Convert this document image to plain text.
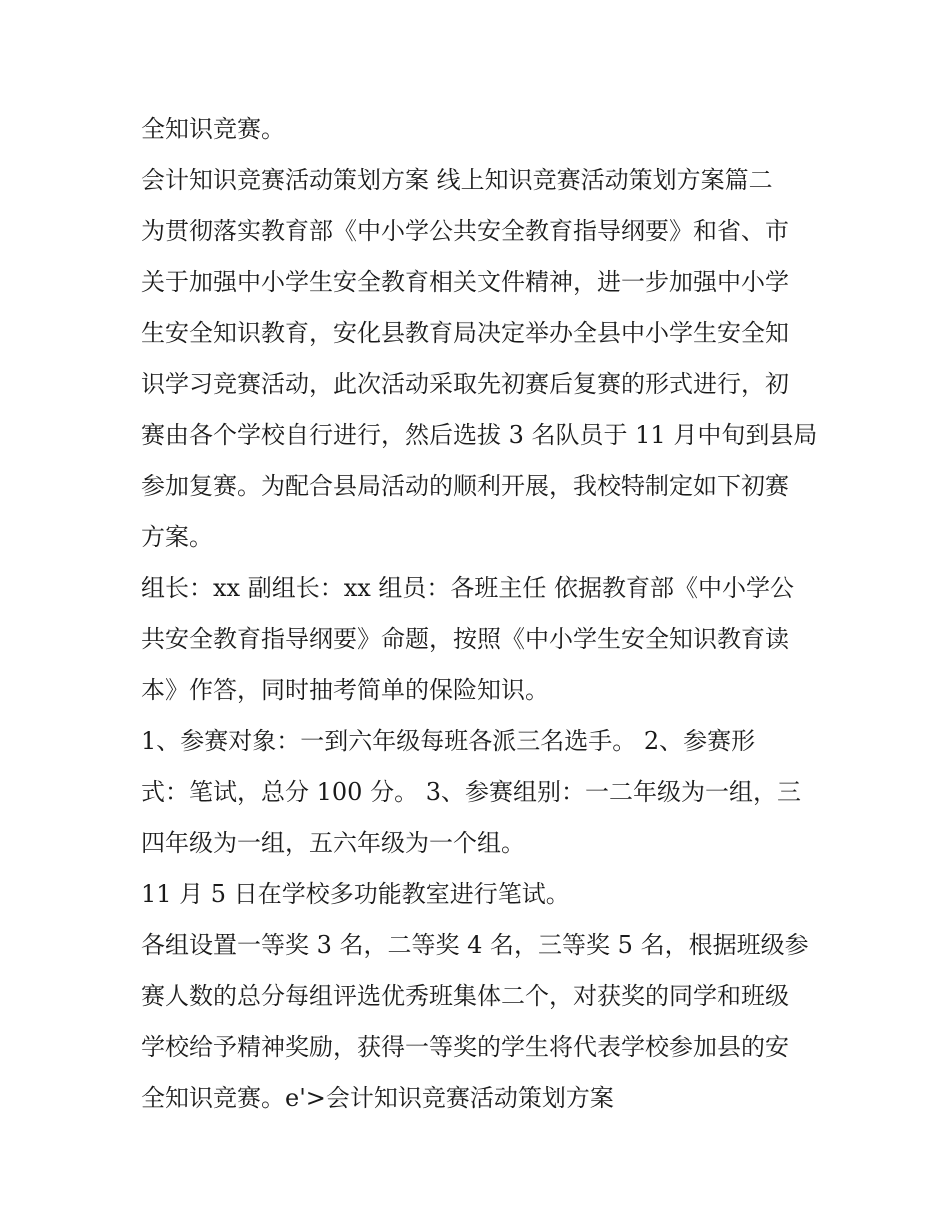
全知识竞赛。
会计知识竞赛活动策划方案 线上知识竞赛活动策划方案篇二
为贯彻落实教育部《中小学公共安全教育指导纲要》和省、市
关于加强中小学生安全教育相关文件精神，进一步加强中小学
生安全知识教育，安化县教育局决定举办全县中小学生安全知
识学习竞赛活动，此次活动采取先初赛后复赛的形式进行，初
赛由各个学校自行进行，然后选拔 3 名队员于 11 月中旬到县局
参加复赛。为配合县局活动的顺利开展，我校特制定如下初赛
方案。
组长：xx 副组长：xx 组员：各班主任 依据教育部《中小学公
共安全教育指导纲要》命题，按照《中小学生安全知识教育读
本》作答，同时抽考简单的保险知识。
1、参赛对象：一到六年级每班各派三名选手。 2、参赛形
式：笔试，总分 100 分。 3、参赛组别：一二年级为一组，三
四年级为一组，五六年级为一个组。
11 月 5 日在学校多功能教室进行笔试。
各组设置一等奖 3 名，二等奖 4 名，三等奖 5 名，根据班级参
赛人数的总分每组评选优秀班集体二个，对获奖的同学和班级
学校给予精神奖励，获得一等奖的学生将代表学校参加县的安
全知识竞赛。e'>会计知识竞赛活动策划方案
